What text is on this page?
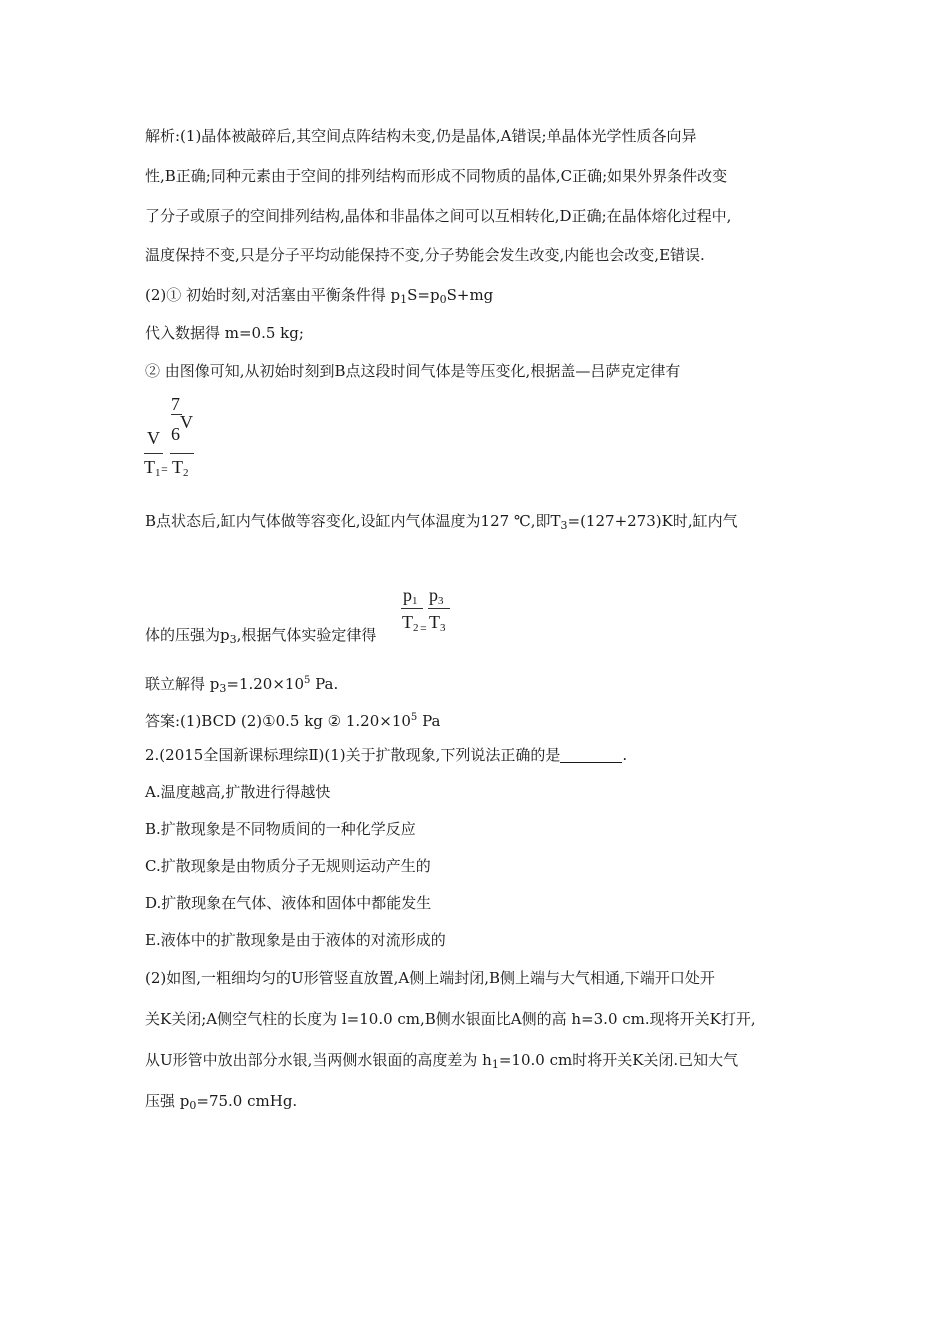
解析:(1)晶体被敲碎后,其空间点阵结构未变,仍是晶体,A错误;单晶体光学性质各向异
性,B正确;同种元素由于空间的排列结构而形成不同物质的晶体,C正确;如果外界条件改变
了分子或原子的空间排列结构,晶体和非晶体之间可以互相转化,D正确;在晶体熔化过程中,
温度保持不变,只是分子平均动能保持不变,分子势能会发生改变,内能也会改变,E错误.
(2)① 初始时刻,对活塞由平衡条件得 $p_1S=p_0S+mg$
代入数据得 m=0.5 kg;
② 由图像可知,从初始时刻到B点这段时间气体是等压变化,根据盖—吕萨克定律有
V
$T_1$ =
7
6
V
$T_2$
B点状态后,缸内气体做等容变化,设缸内气体温度为127 ℃,即$T_3=(127+273)K$时,缸内气
体的压强为$p_3$,根据气体实验定律得
$p_1$
$T_2$ =
$p_3$
$T_3$
联立解得 $p_3=1.20\times 10^5$ Pa.
答案:(1)BCD (2)①0.5 kg ② $1.20\times 10^5$ Pa
2.(2015全国新课标理综Ⅱ)(1)关于扩散现象,下列说法正确的是	.
A.温度越高,扩散进行得越快
B.扩散现象是不同物质间的一种化学反应
C.扩散现象是由物质分子无规则运动产生的
D.扩散现象在气体、液体和固体中都能发生
E.液体中的扩散现象是由于液体的对流形成的
(2)如图,一粗细均匀的U形管竖直放置,A侧上端封闭,B侧上端与大气相通,下端开口处开
关K关闭;A侧空气柱的长度为 l=10.0 cm,B侧水银面比A侧的高 h=3.0 cm.现将开关K打开,
从U形管中放出部分水银,当两侧水银面的高度差为 $h_1=10.0$ cm时将开关K关闭.已知大气
压强 $p_0=75.0$ cmHg.
